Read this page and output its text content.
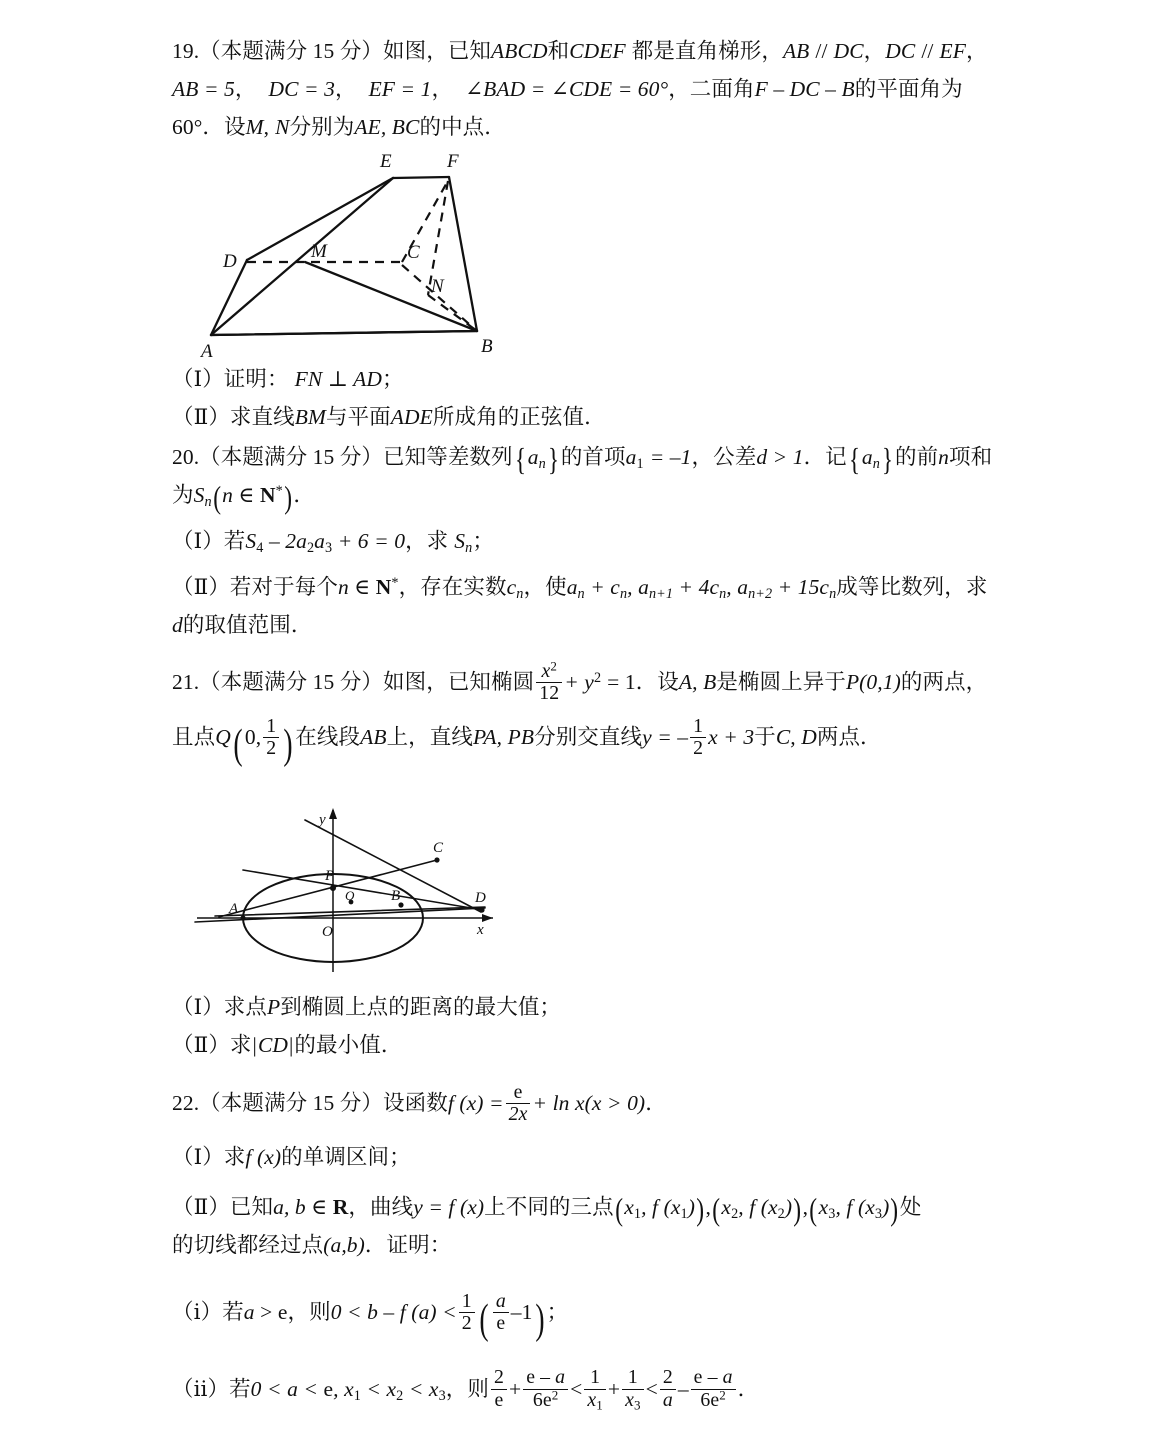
19.（本题满分 15 分）如图，已知ABCD和CDEF 都是直角梯形，AB // DC，DC // EF，
AB = 5， DC = 3， EF = 1， ∠BAD = ∠CDE = 60°，二面角F – DC – B的平面角为
60°．设M, N分别为AE, BC的中点．
A	B
C
D
E	F
M
N
（Ⅰ）证明： FN ⊥ AD；
（Ⅱ）求直线BM与平面ADE所成角的正弦值．
20.（本题满分 15 分）已知等差数列$\{a_n\}$的首项$a_1 = -1$，公差d > 1．记$\{a_n\}$的前n项和
为$S_n(n$ ∈ N*)．
（Ⅰ）若$S_4 - 2a_2a_3 + 6 = 0$，求 $S_n$；
（Ⅱ）若对于每个n ∈ N*，存在实数$c_n$，使$a_n + c_n$, $a_{n+1} + 4c_n$, $a_{n+2} + 15c_n$成等比数列，求
d的取值范围．
21.（本题满分 15 分）如图，已知椭圆 $\frac{x^2}{12} + y^2 = 1$．设A, B是椭圆上异于P(0,1)的两点，
且点Q( 0, $\frac{1}{2}$ ) 在线段AB上，直线PA, PB分别交直线y = – $\frac{1}{2}$ x + 3于C, D两点．
P
A
B
C
D
Q
O	x
y
（Ⅰ）求点P到椭圆上点的距离的最大值；
（Ⅱ）求|CD|的最小值．
22.（本题满分 15 分）设函数f $(x) = \frac{e}{2x} + \ln x(x > 0)$．
（Ⅰ）求f (x)的单调区间；
（Ⅱ）已知a, b ∈ R，曲线y = f (x)上不同的三点($x_1$, f $(x_1)),(x_2$, f $(x_2)),(x_3$, f $(x_3)$)处
的切线都经过点(a,b)．证明：
（ⅰ）若a > e，则0 < b – f $(a) < \frac{1}{2}$ ( $\frac{a}{e} -1$) ；
（ⅱ）若0 < a < e, $x_1 < x_2 < x_3$，则 $\frac{2}{e} + \frac{e - a}{6e^2} < \frac{1}{x_1} + \frac{1}{x_3} < \frac{2}{a} - \frac{e - a}{6e^2}$ ．
